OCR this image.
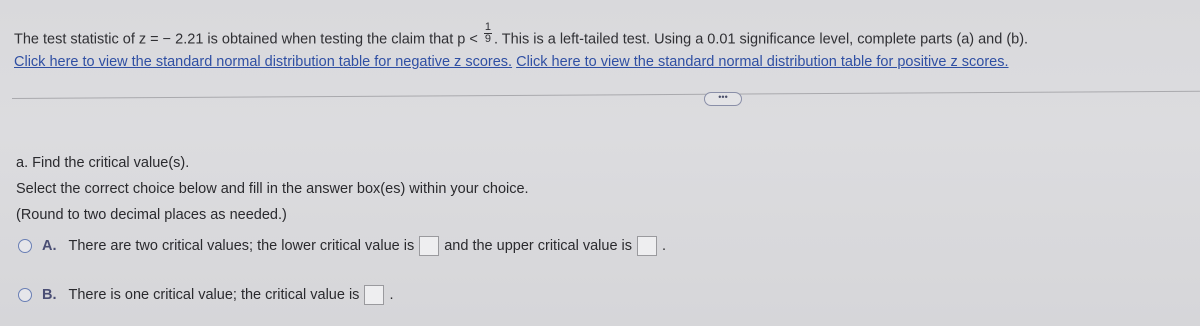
The test statistic of z = − 2.21 is obtained when testing the claim that $p < \frac{1}{9}$ . This is a left-tailed test. Using a 0.01 significance level, complete parts (a) and (b).
Click here to view the standard normal distribution table for negative z scores. Click here to view the standard normal distribution table for positive z scores.
•••
a. Find the critical value(s).
Select the correct choice below and fill in the answer box(es) within your choice.
(Round to two decimal places as needed.)
A. There are two critical values; the lower critical value is and the upper critical value is .
B. There is one critical value; the critical value is .
